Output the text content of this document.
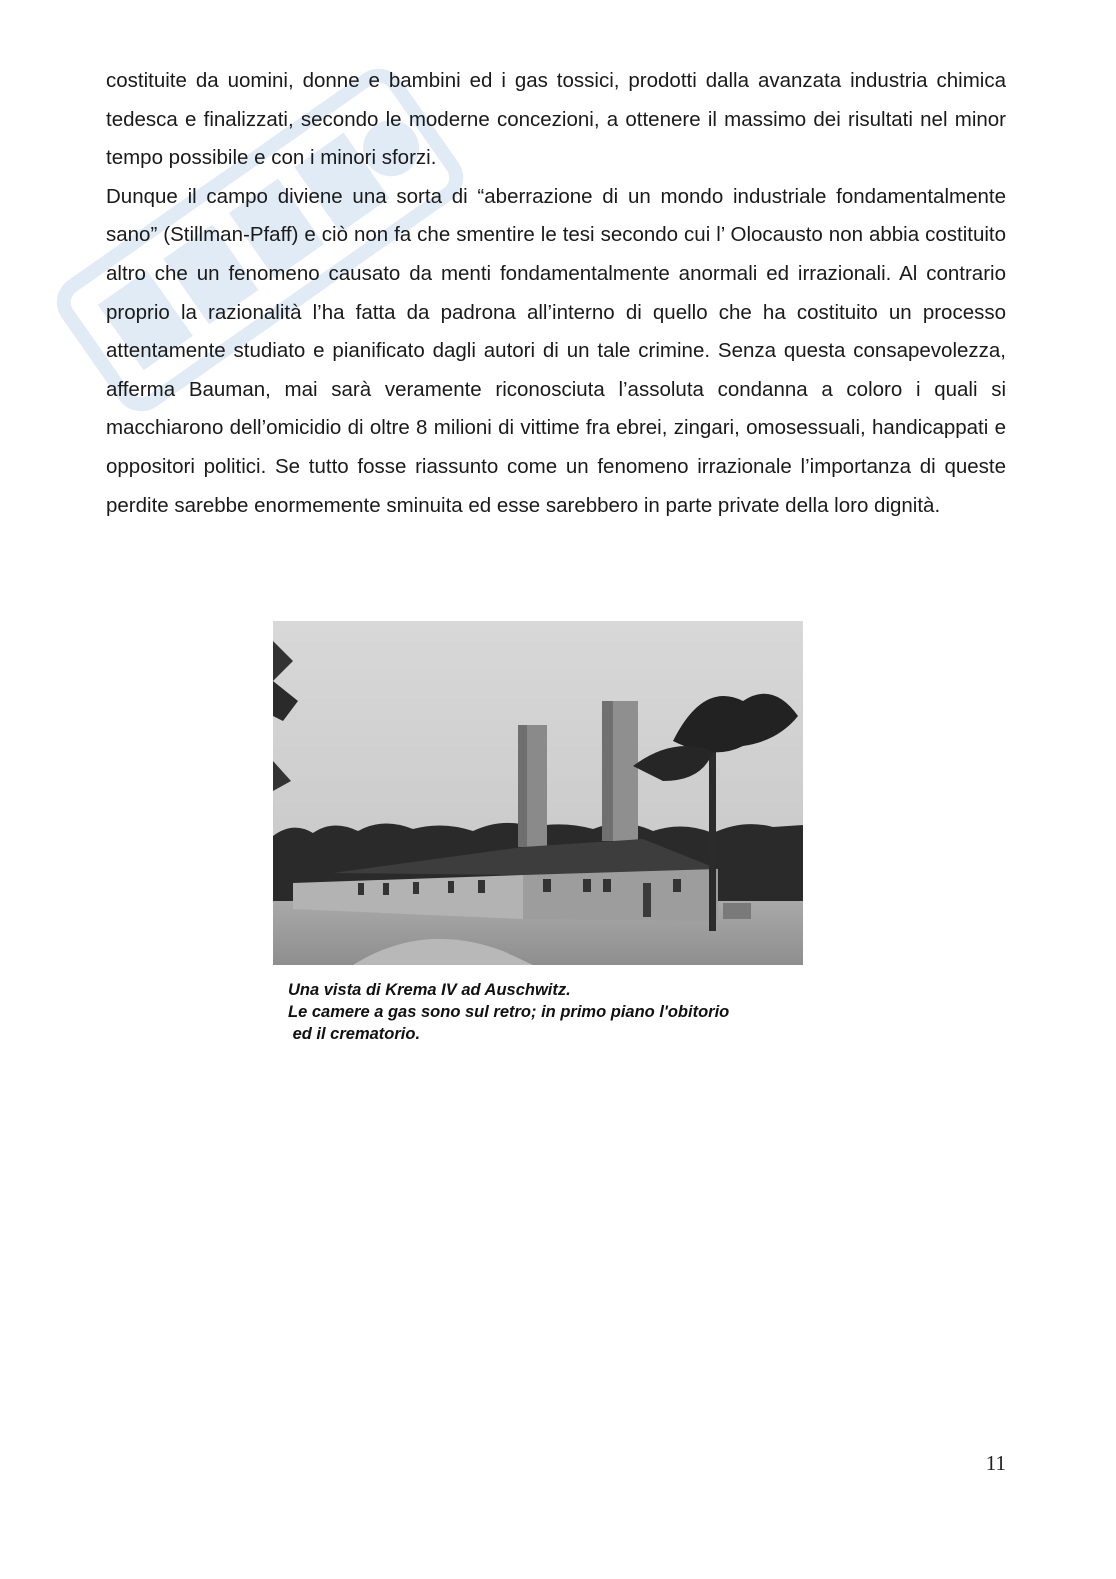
costituite da uomini, donne e bambini ed i gas tossici, prodotti dalla avanzata industria chimica tedesca e finalizzati, secondo le moderne concezioni, a ottenere il massimo dei risultati nel minor tempo possibile e con i minori sforzi.

Dunque il campo diviene una sorta di “aberrazione di un mondo industriale fondamentalmente sano” (Stillman-Pfaff) e ciò non fa che smentire le tesi secondo cui l’ Olocausto non abbia costituito altro che un fenomeno causato da menti fondamentalmente anormali ed irrazionali. Al contrario proprio la razionalità l’ha fatta da padrona all’interno di quello che ha costituito un processo attentamente studiato e pianificato dagli autori di un tale crimine. Senza questa consapevolezza, afferma Bauman, mai sarà veramente riconosciuta l’assoluta condanna a coloro i quali si macchiarono dell’omicidio di oltre 8 milioni di vittime fra ebrei, zingari, omosessuali, handicappati e oppositori politici. Se tutto fosse riassunto come un fenomeno irrazionale l’importanza di queste perdite sarebbe enormemente sminuita ed esse sarebbero in parte private della loro dignità.

Una vista di Krema IV ad Auschwitz.
Le camere a gas sono sul retro; in primo piano l'obitorio
ed il crematorio.
11
